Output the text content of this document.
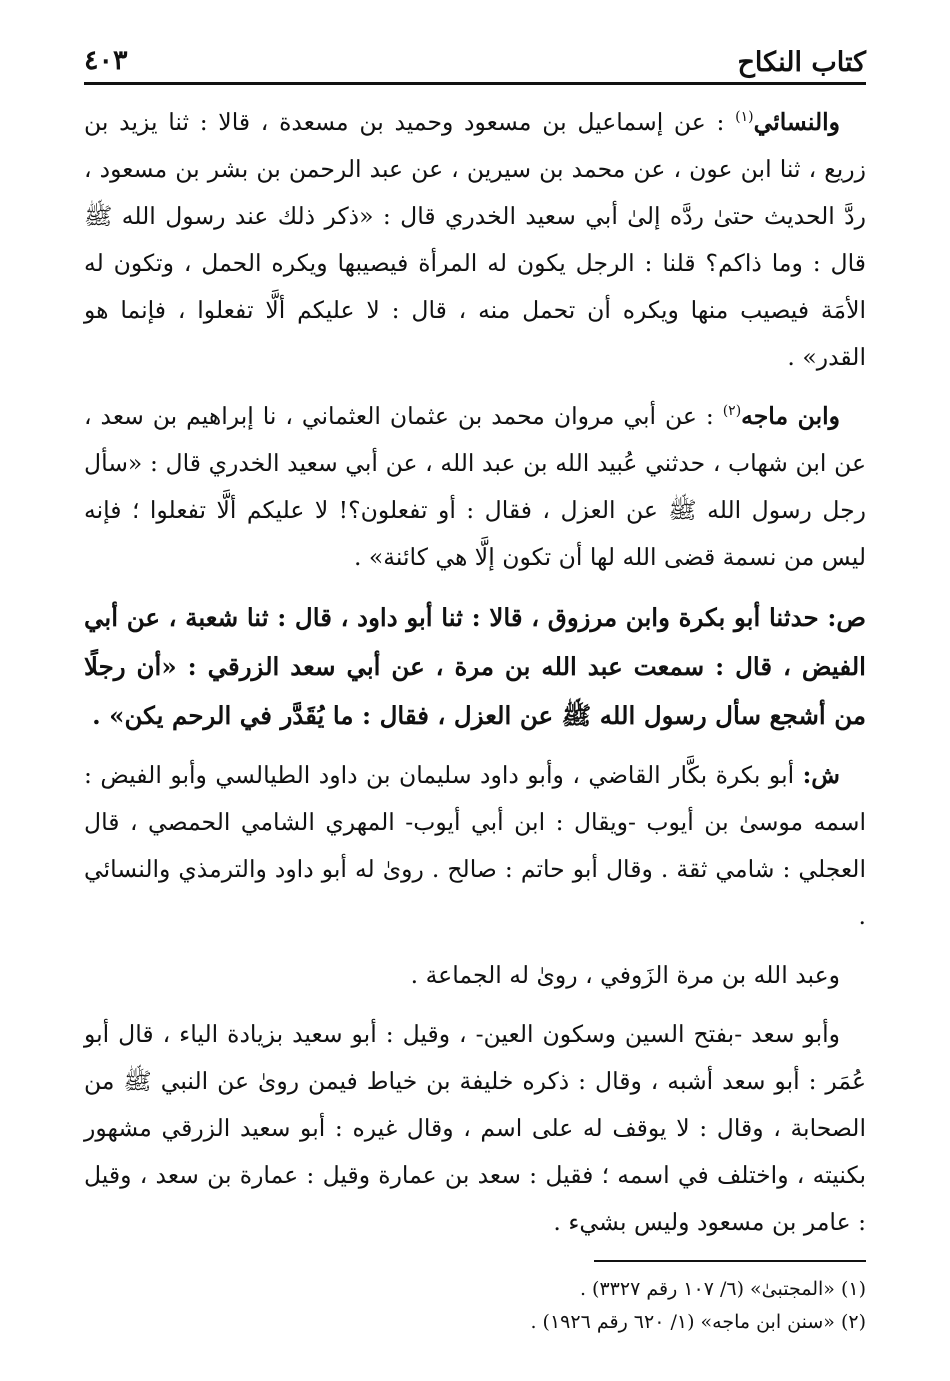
كتاب النكاح
٤٠٣

والنسائي$^{(١)}$ : عن إسماعيل بن مسعود وحميد بن مسعدة ، قالا : ثنا يزيد بن زريع ، ثنا ابن عون ، عن محمد بن سيرين ، عن عبد الرحمن بن بشر بن مسعود ، ردَّ الحديث حتىٰ ردَّه إلىٰ أبي سعيد الخدري قال : «ذكر ذلك عند رسول الله ﷺ قال : وما ذاكم؟ قلنا : الرجل يكون له المرأة فيصيبها ويكره الحمل ، وتكون له الأمَة فيصيب منها ويكره أن تحمل منه ، قال : لا عليكم ألَّا تفعلوا ، فإنما هو القدر» .

وابن ماجه$^{(٢)}$ : عن أبي مروان محمد بن عثمان العثماني ، نا إبراهيم بن سعد ، عن ابن شهاب ، حدثني عُبيد الله بن عبد الله ، عن أبي سعيد الخدري قال : «سأل رجل رسول الله ﷺ عن العزل ، فقال : أو تفعلون؟! لا عليكم ألَّا تفعلوا ؛ فإنه ليس من نسمة قضى الله لها أن تكون إلَّا هي كائنة» .

ص: حدثنا أبو بكرة وابن مرزوق ، قالا : ثنا أبو داود ، قال : ثنا شعبة ، عن أبي الفيض ، قال : سمعت عبد الله بن مرة ، عن أبي سعد الزرقي : «أن رجلًا من أشجع سأل رسول الله ﷺ عن العزل ، فقال : ما يُقَدَّر في الرحم يكن» .

ش: أبو بكرة بكَّار القاضي ، وأبو داود سليمان بن داود الطيالسي وأبو الفيض : اسمه موسىٰ بن أيوب -ويقال : ابن أبي أيوب- المهري الشامي الحمصي ، قال العجلي : شامي ثقة . وقال أبو حاتم : صالح . روىٰ له أبو داود والترمذي والنسائي .

وعبد الله بن مرة الزَوفي ، روىٰ له الجماعة .

وأبو سعد -بفتح السين وسكون العين- ، وقيل : أبو سعيد بزيادة الياء ، قال أبو عُمَر : أبو سعد أشبه ، وقال : ذكره خليفة بن خياط فيمن روىٰ عن النبي ﷺ من الصحابة ، وقال : لا يوقف له على اسم ، وقال غيره : أبو سعيد الزرقي مشهور بكنيته ، واختلف في اسمه ؛ فقيل : سعد بن عمارة وقيل : عمارة بن سعد ، وقيل : عامر بن مسعود وليس بشيء .

(١) «المجتبىٰ» (٦/ ١٠٧ رقم ٣٣٢٧) .

(٢) «سنن ابن ماجه» (١/ ٦٢٠ رقم ١٩٢٦) .
